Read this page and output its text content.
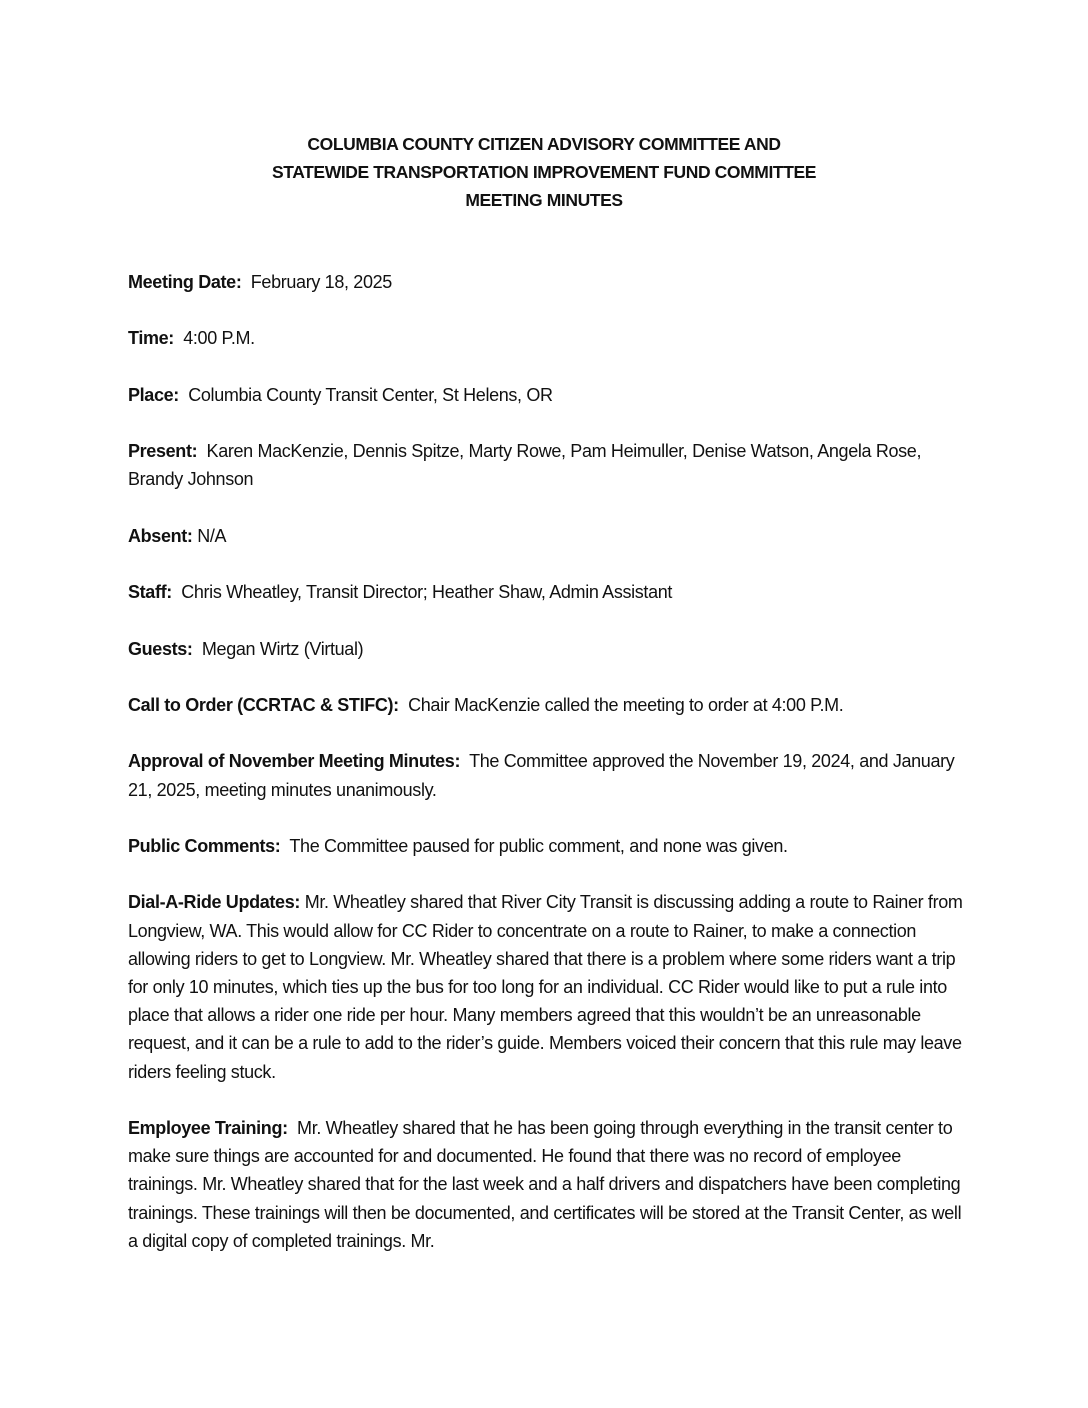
COLUMBIA COUNTY CITIZEN ADVISORY COMMITTEE AND
STATEWIDE TRANSPORTATION IMPROVEMENT FUND COMMITTEE
MEETING MINUTES

Meeting Date: February 18, 2025

Time: 4:00 P.M.

Place: Columbia County Transit Center, St Helens, OR

Present: Karen MacKenzie, Dennis Spitze, Marty Rowe, Pam Heimuller, Denise Watson, Angela Rose, Brandy Johnson

Absent: N/A

Staff: Chris Wheatley, Transit Director; Heather Shaw, Admin Assistant

Guests: Megan Wirtz (Virtual)

Call to Order (CCRTAC & STIFC): Chair MacKenzie called the meeting to order at 4:00 P.M.

Approval of November Meeting Minutes: The Committee approved the November 19, 2024, and January 21, 2025, meeting minutes unanimously.

Public Comments: The Committee paused for public comment, and none was given.

Dial-A-Ride Updates: Mr. Wheatley shared that River City Transit is discussing adding a route to Rainer from Longview, WA. This would allow for CC Rider to concentrate on a route to Rainer, to make a connection allowing riders to get to Longview. Mr. Wheatley shared that there is a problem where some riders want a trip for only 10 minutes, which ties up the bus for too long for an individual. CC Rider would like to put a rule into place that allows a rider one ride per hour. Many members agreed that this wouldn’t be an unreasonable request, and it can be a rule to add to the rider’s guide. Members voiced their concern that this rule may leave riders feeling stuck.

Employee Training: Mr. Wheatley shared that he has been going through everything in the transit center to make sure things are accounted for and documented. He found that there was no record of employee trainings. Mr. Wheatley shared that for the last week and a half drivers and dispatchers have been completing trainings. These trainings will then be documented, and certificates will be stored at the Transit Center, as well a digital copy of completed trainings. Mr.
